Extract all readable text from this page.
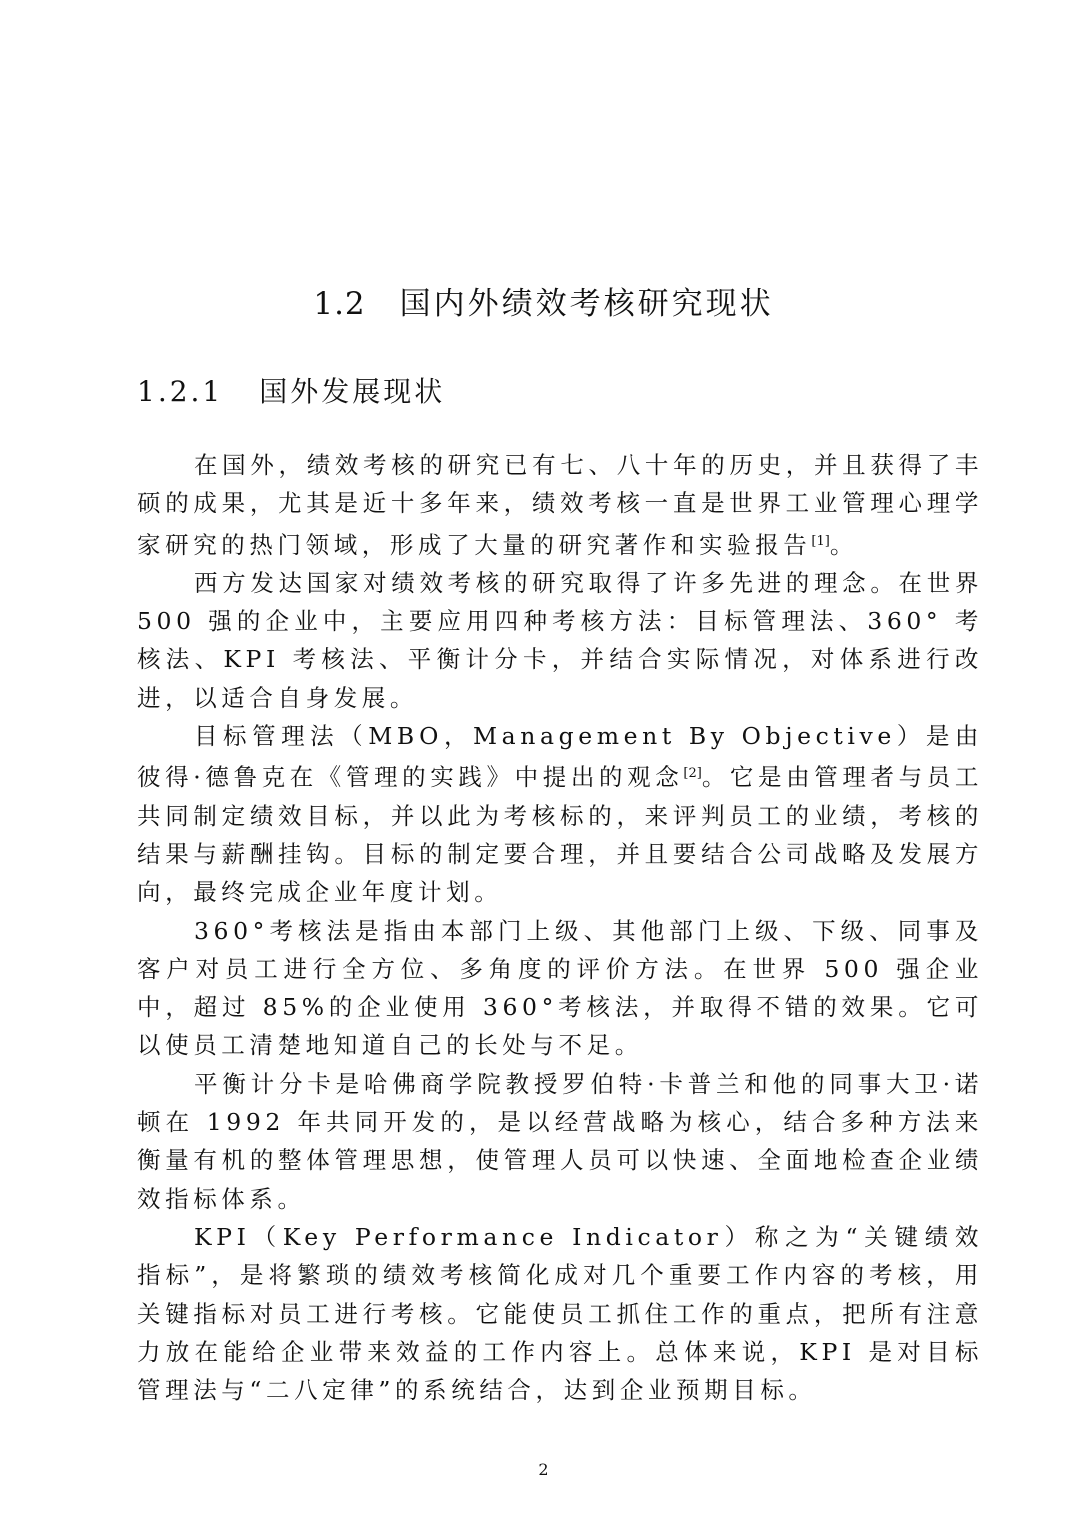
1.2 国内外绩效考核研究现状
1.2.1 国外发展现状

在国外，绩效考核的研究已有七、八十年的历史，并且获得了丰硕的成果，尤其是近十多年来，绩效考核一直是世界工业管理心理学家研究的热门领域，形成了大量的研究著作和实验报告[1]。

西方发达国家对绩效考核的研究取得了许多先进的理念。在世界 500 强的企业中，主要应用四种考核方法：目标管理法、360° 考核法、KPI 考核法、平衡计分卡，并结合实际情况，对体系进行改进，以适合自身发展。

目标管理法（MBO，Management By Objective）是由彼得·德鲁克在《管理的实践》中提出的观念[2]。它是由管理者与员工共同制定绩效目标，并以此为考核标的，来评判员工的业绩，考核的结果与薪酬挂钩。目标的制定要合理，并且要结合公司战略及发展方向，最终完成企业年度计划。

360°考核法是指由本部门上级、其他部门上级、下级、同事及客户对员工进行全方位、多角度的评价方法。在世界 500 强企业中，超过 85%的企业使用 360°考核法，并取得不错的效果。它可以使员工清楚地知道自己的长处与不足。

平衡计分卡是哈佛商学院教授罗伯特·卡普兰和他的同事大卫·诺顿在 1992 年共同开发的，是以经营战略为核心，结合多种方法来衡量有机的整体管理思想，使管理人员可以快速、全面地检查企业绩效指标体系。

KPI（Key Performance Indicator）称之为“关键绩效指标”，是将繁琐的绩效考核简化成对几个重要工作内容的考核，用关键指标对员工进行考核。它能使员工抓住工作的重点，把所有注意力放在能给企业带来效益的工作内容上。总体来说，KPI 是对目标管理法与“二八定律”的系统结合，达到企业预期目标。

2
